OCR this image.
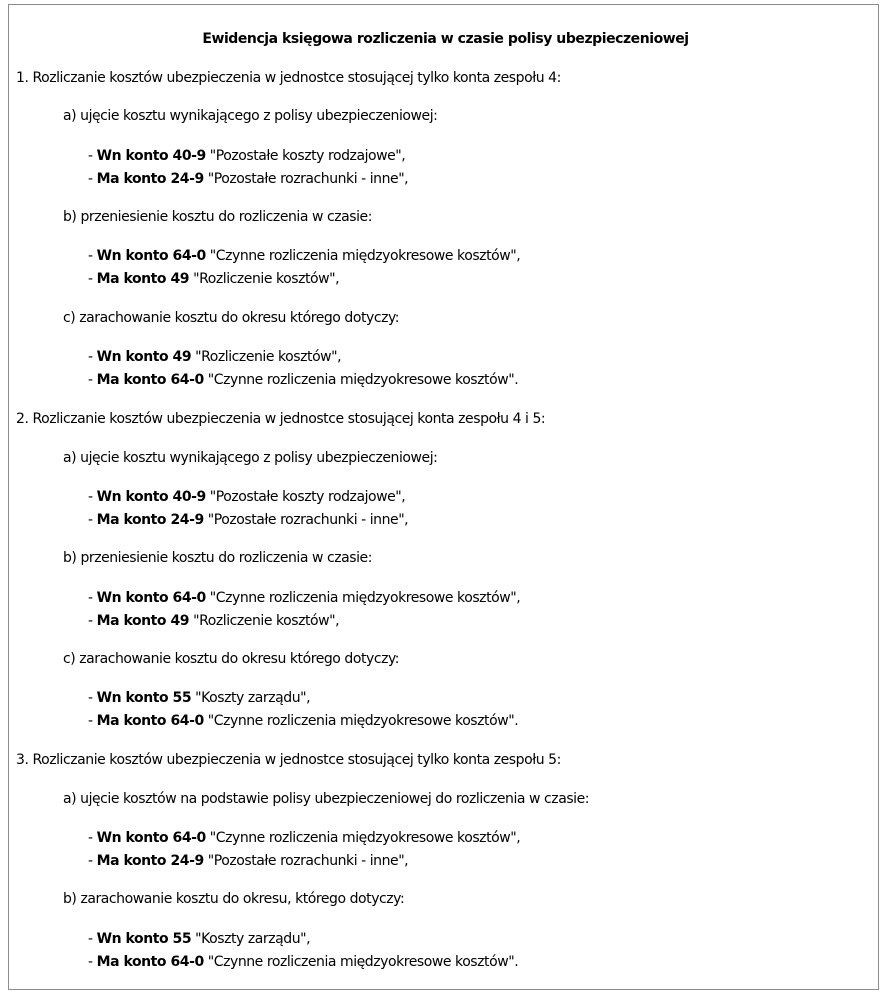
Ewidencja księgowa rozliczenia w czasie polisy ubezpieczeniowej
1. Rozliczanie kosztów ubezpieczenia w jednostce stosującej tylko konta zespołu 4:
a) ujęcie kosztu wynikającego z polisy ubezpieczeniowej:
- Wn konto 40-9 "Pozostałe koszty rodzajowe",
- Ma konto 24-9 "Pozostałe rozrachunki - inne",
b) przeniesienie kosztu do rozliczenia w czasie:
- Wn konto 64-0 "Czynne rozliczenia międzyokresowe kosztów",
- Ma konto 49 "Rozliczenie kosztów",
c) zarachowanie kosztu do okresu którego dotyczy:
- Wn konto 49 "Rozliczenie kosztów",
- Ma konto 64-0 "Czynne rozliczenia międzyokresowe kosztów".
2. Rozliczanie kosztów ubezpieczenia w jednostce stosującej konta zespołu 4 i 5:
a) ujęcie kosztu wynikającego z polisy ubezpieczeniowej:
- Wn konto 40-9 "Pozostałe koszty rodzajowe",
- Ma konto 24-9 "Pozostałe rozrachunki - inne",
b) przeniesienie kosztu do rozliczenia w czasie:
- Wn konto 64-0 "Czynne rozliczenia międzyokresowe kosztów",
- Ma konto 49 "Rozliczenie kosztów",
c) zarachowanie kosztu do okresu którego dotyczy:
- Wn konto 55 "Koszty zarządu",
- Ma konto 64-0 "Czynne rozliczenia międzyokresowe kosztów".
3. Rozliczanie kosztów ubezpieczenia w jednostce stosującej tylko konta zespołu 5:
a) ujęcie kosztów na podstawie polisy ubezpieczeniowej do rozliczenia w czasie:
- Wn konto 64-0 "Czynne rozliczenia międzyokresowe kosztów",
- Ma konto 24-9 "Pozostałe rozrachunki - inne",
b) zarachowanie kosztu do okresu, którego dotyczy:
- Wn konto 55 "Koszty zarządu",
- Ma konto 64-0 "Czynne rozliczenia międzyokresowe kosztów".
